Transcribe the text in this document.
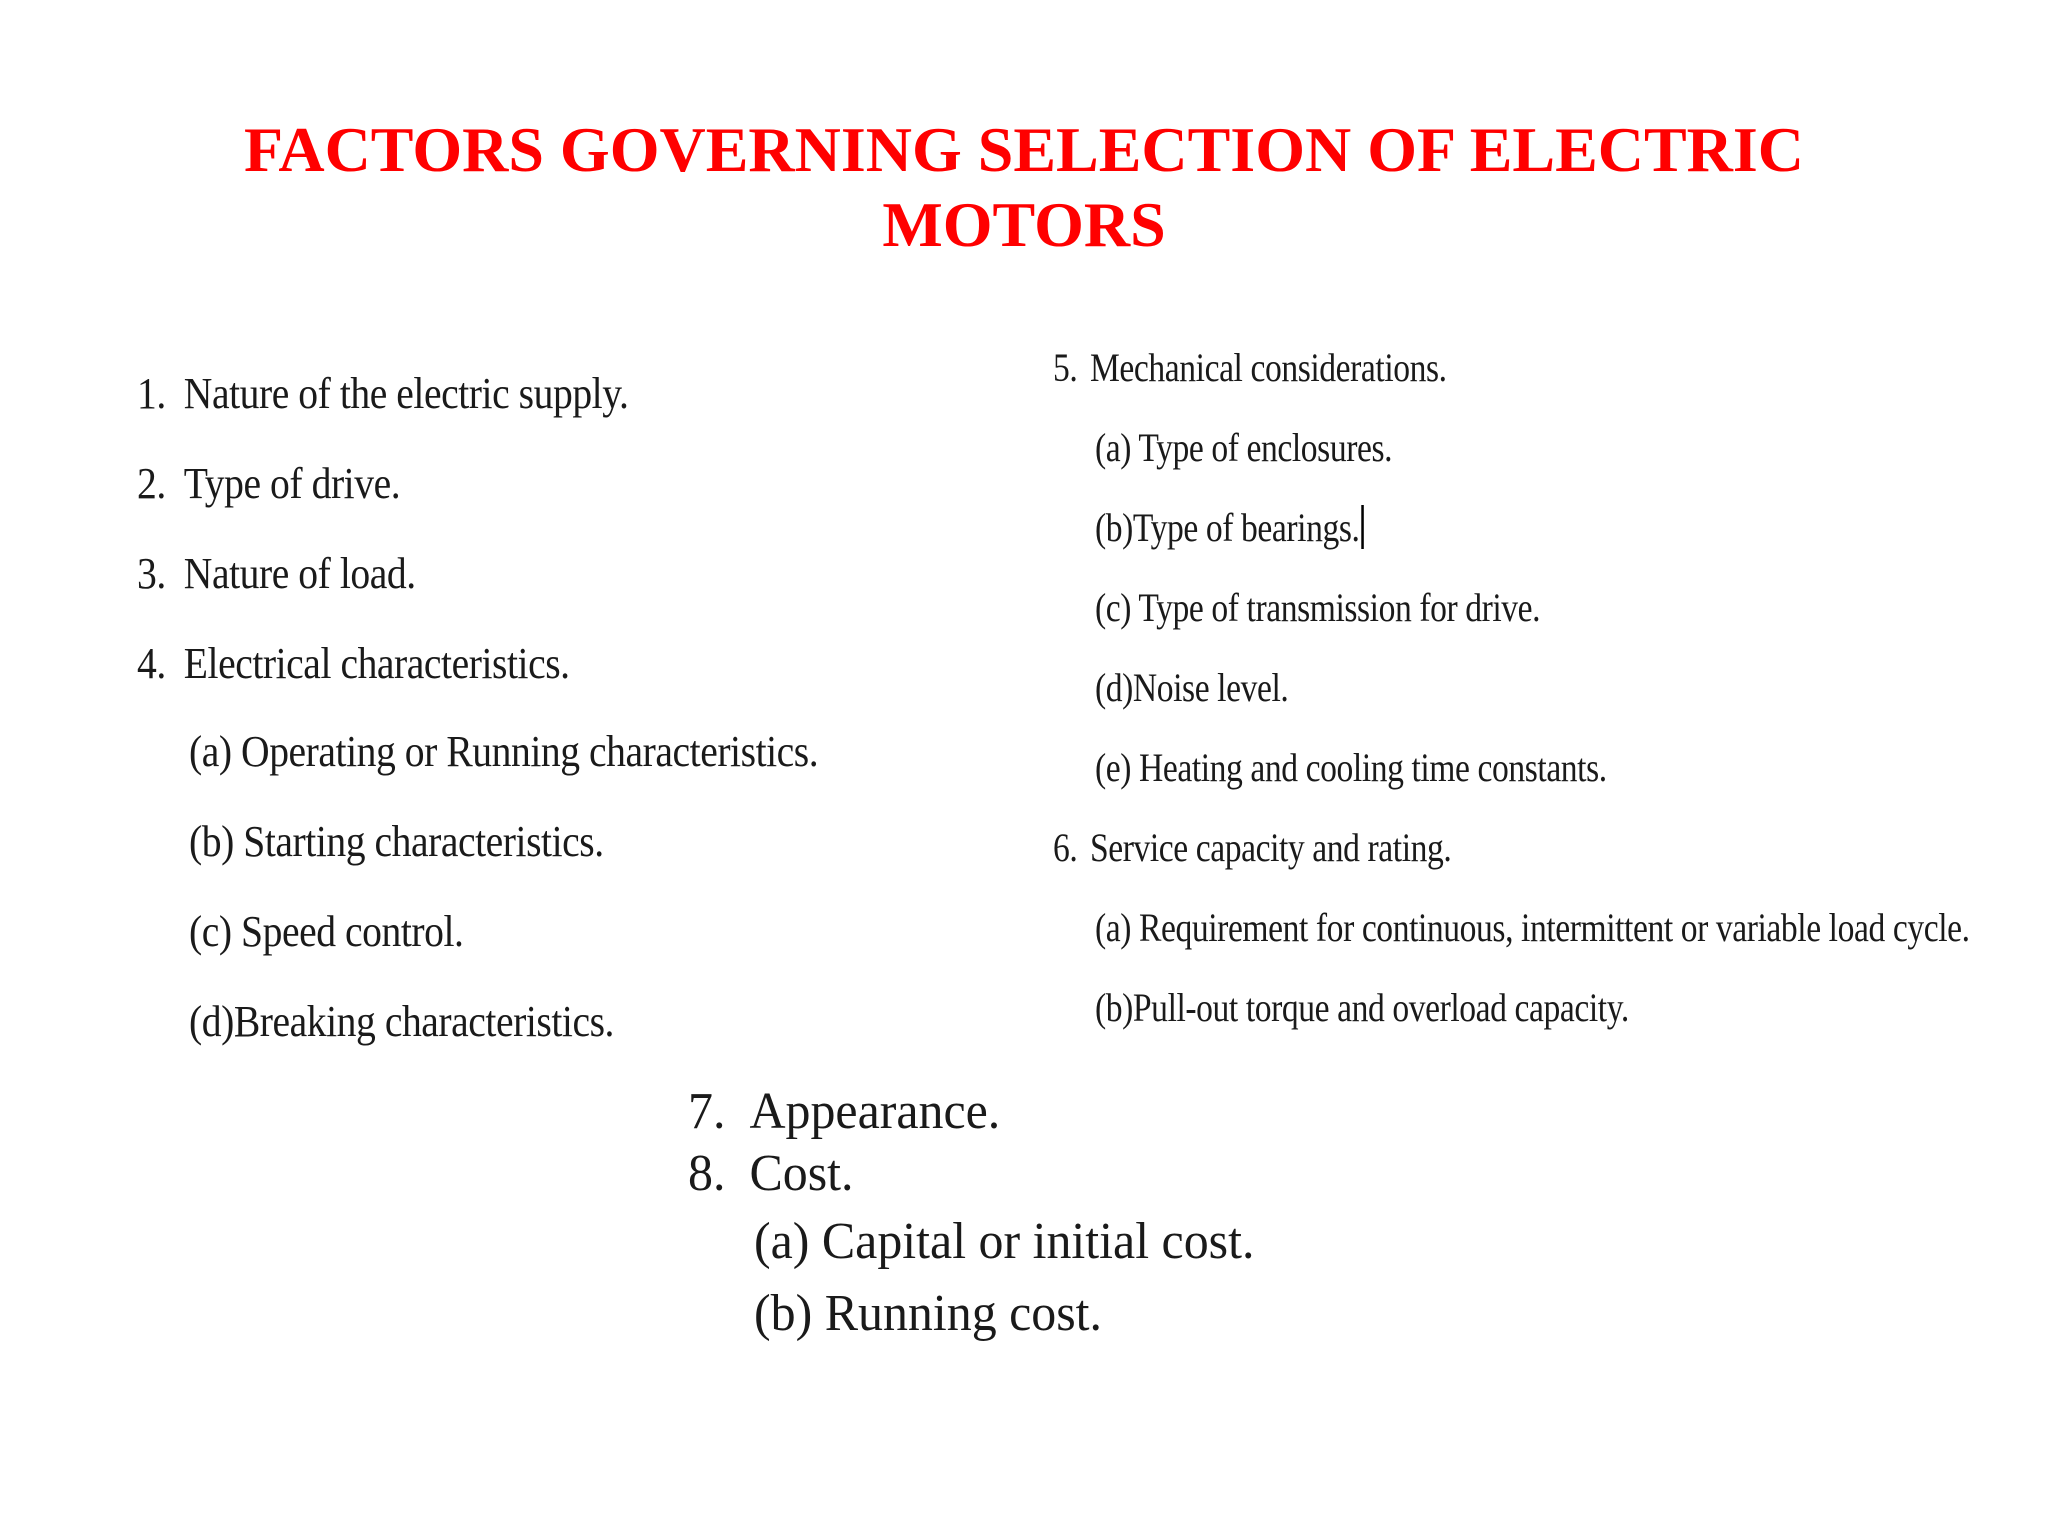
FACTORS GOVERNING SELECTION OF ELECTRIC
MOTORS
1. Nature of the electric supply.
2. Type of drive.
3. Nature of load.
4. Electrical characteristics.
(a) Operating or Running characteristics.
(b) Starting characteristics.
(c) Speed control.
(d)Breaking characteristics.
5. Mechanical considerations.
(a) Type of enclosures.
(b)Type of bearings.
(c) Type of transmission for drive.
(d)Noise level.
(e) Heating and cooling time constants.
6. Service capacity and rating.
(a) Requirement for continuous, intermittent or variable load cycle.
(b)Pull-out torque and overload capacity.
7. Appearance.
8. Cost.
(a) Capital or initial cost.
(b) Running cost.
